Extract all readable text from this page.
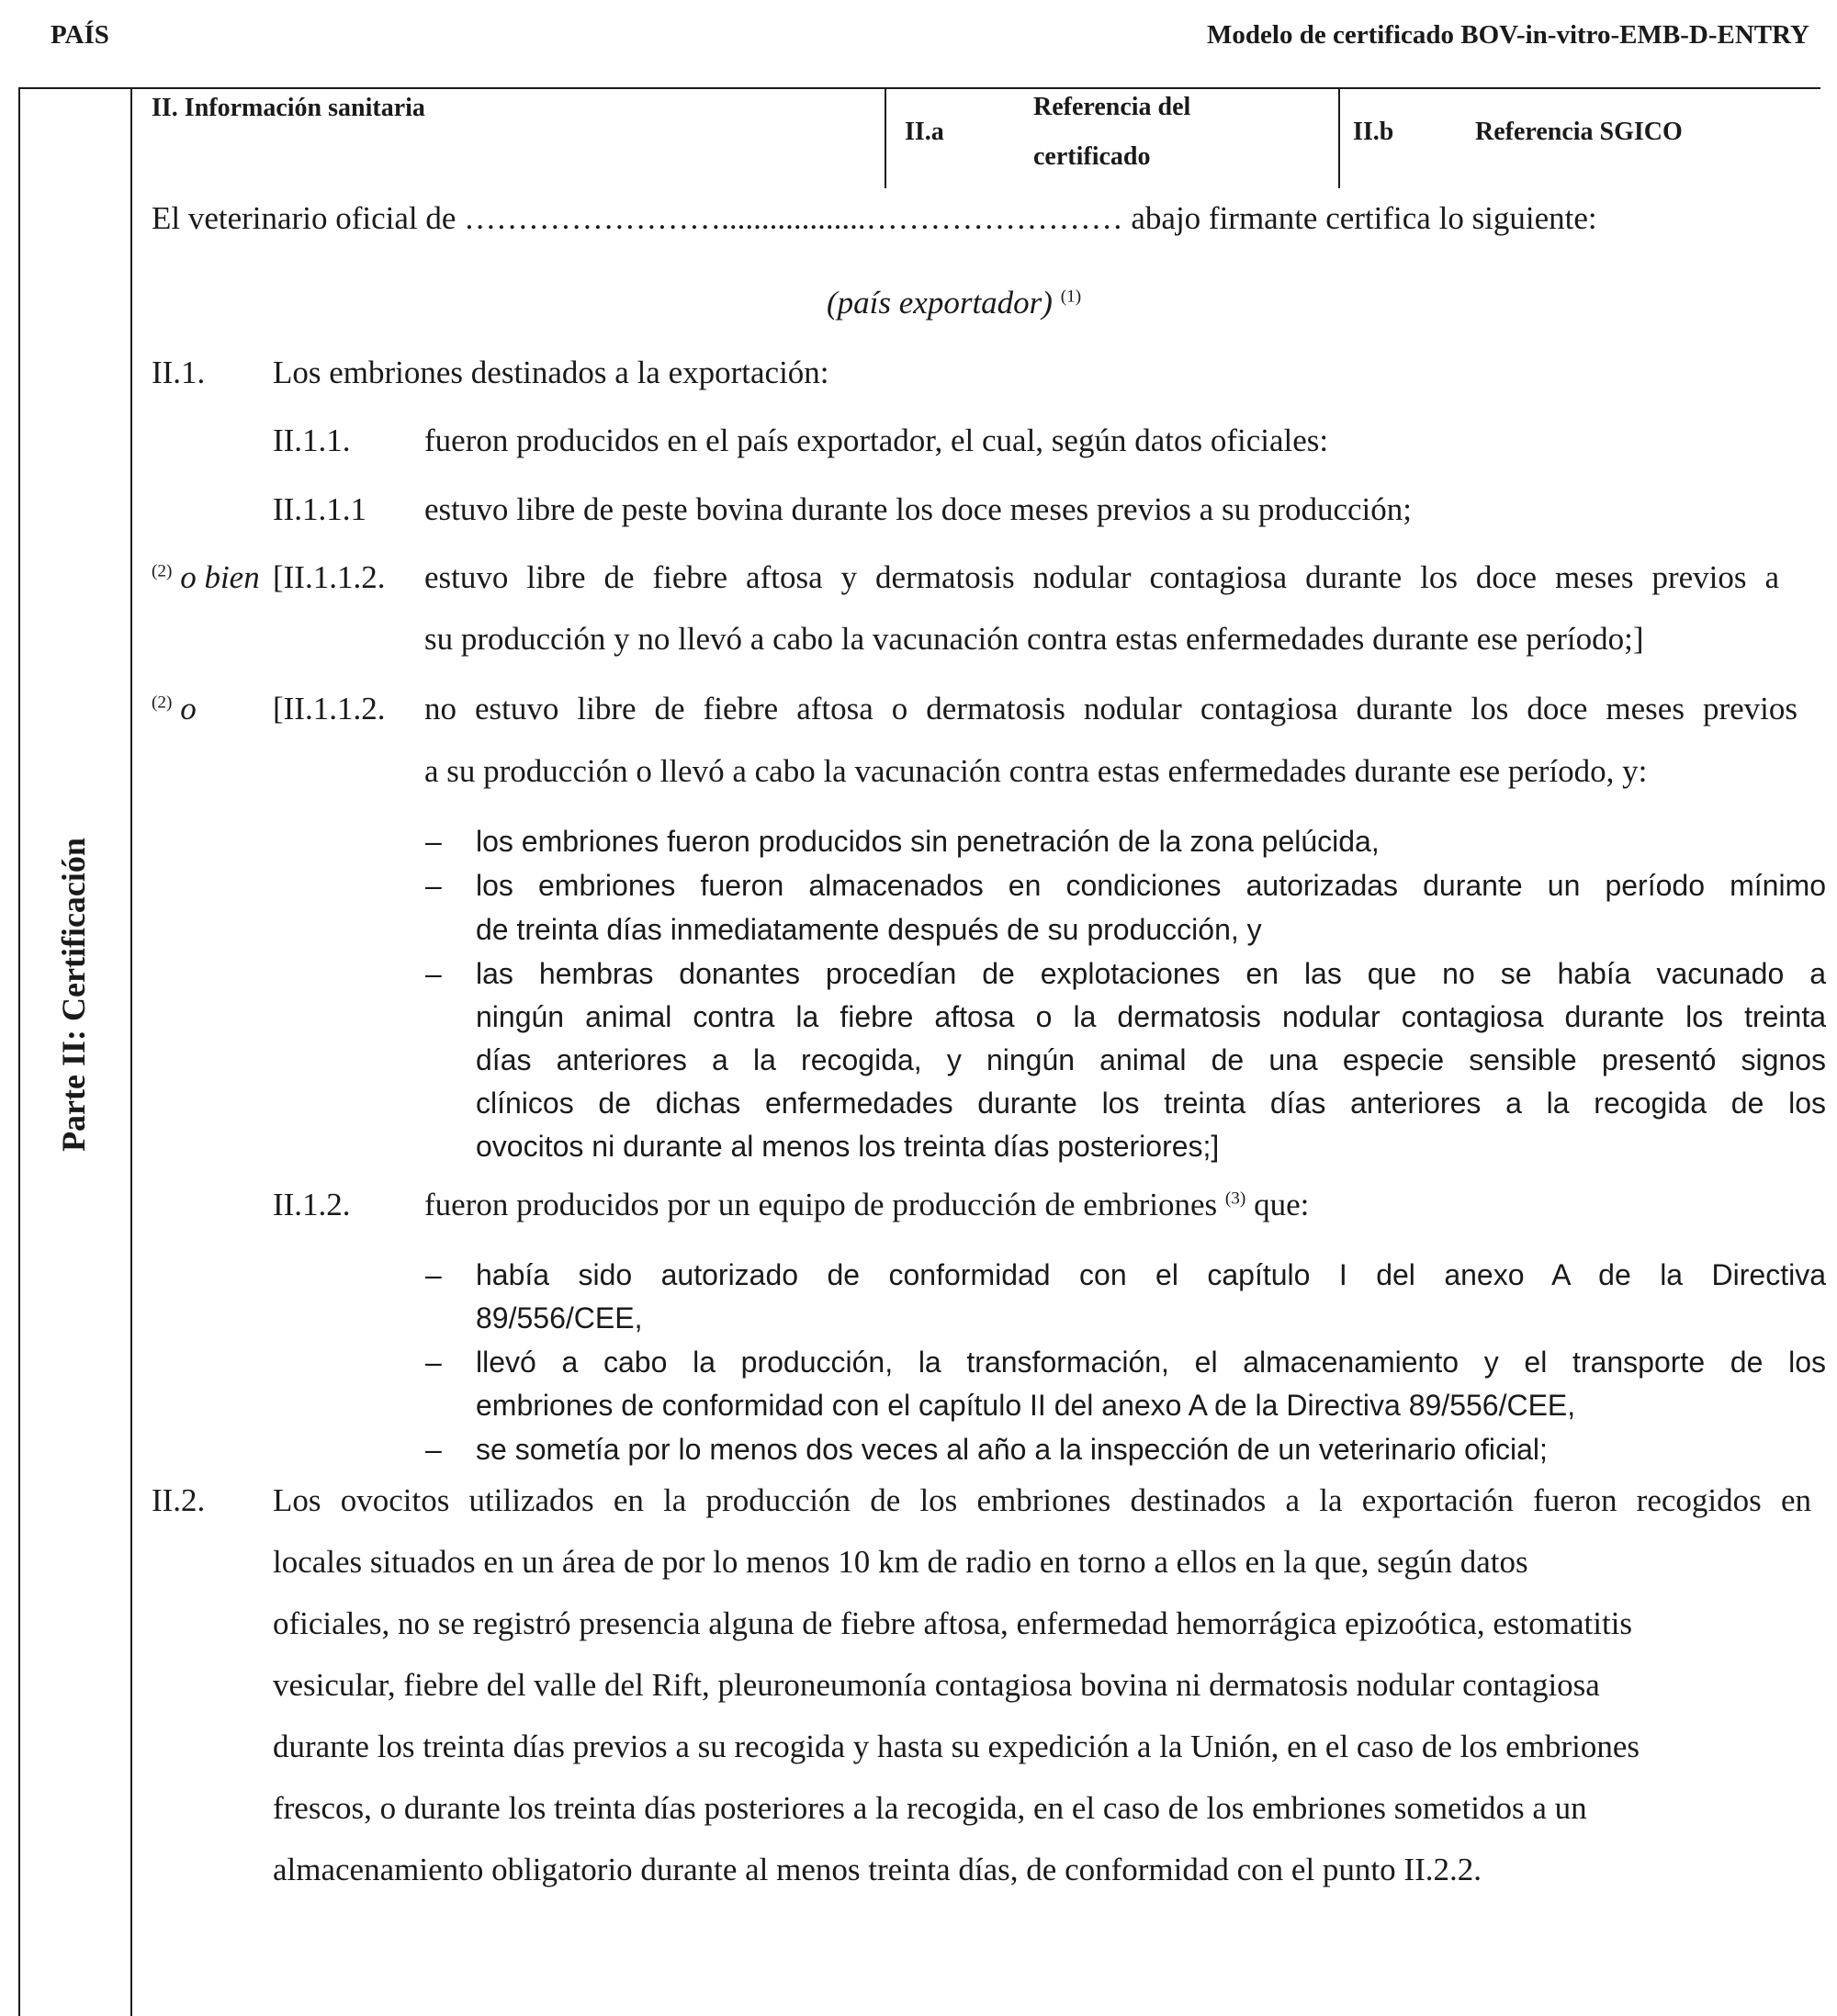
PAÍS	Modelo de certificado BOV-in-vitro-EMB-D-ENTRY
Parte II: Certificación
II. Información sanitaria
II.a
Referencia del
certificado
II.b	Referencia SGICO
El veterinario oficial de ……………………..................…………………… abajo firmante certifica lo siguiente:
(país exportador) $^{(1)}$
II.1. Los embriones destinados a la exportación:
II.1.1. fueron producidos en el país exportador, el cual, según datos oficiales:
II.1.1.1 estuvo libre de peste bovina durante los doce meses previos a su producción;
$^{(2)}$ o bien [II.1.1.2. estuvo libre de fiebre aftosa y dermatosis nodular contagiosa durante los doce meses previos a
su producción y no llevó a cabo la vacunación contra estas enfermedades durante ese período;]
$^{(2)}$ o [II.1.1.2. no estuvo libre de fiebre aftosa o dermatosis nodular contagiosa durante los doce meses previos
a su producción o llevó a cabo la vacunación contra estas enfermedades durante ese período, y:
– los embriones fueron producidos sin penetración de la zona pelúcida,
– los embriones fueron almacenados en condiciones autorizadas durante un período mínimo
de treinta días inmediatamente después de su producción, y
– las hembras donantes procedían de explotaciones en las que no se había vacunado a
ningún animal contra la fiebre aftosa o la dermatosis nodular contagiosa durante los treinta
días anteriores a la recogida, y ningún animal de una especie sensible presentó signos
clínicos de dichas enfermedades durante los treinta días anteriores a la recogida de los
ovocitos ni durante al menos los treinta días posteriores;]
II.1.2. fueron producidos por un equipo de producción de embriones $^{(3)}$ que:
– había sido autorizado de conformidad con el capítulo I del anexo A de la Directiva
89/556/CEE,
– llevó a cabo la producción, la transformación, el almacenamiento y el transporte de los
embriones de conformidad con el capítulo II del anexo A de la Directiva 89/556/CEE,
– se sometía por lo menos dos veces al año a la inspección de un veterinario oficial;
II.2. Los ovocitos utilizados en la producción de los embriones destinados a la exportación fueron recogidos en
locales situados en un área de por lo menos 10 km de radio en torno a ellos en la que, según datos
oficiales, no se registró presencia alguna de fiebre aftosa, enfermedad hemorrágica epizoótica, estomatitis
vesicular, fiebre del valle del Rift, pleuroneumonía contagiosa bovina ni dermatosis nodular contagiosa
durante los treinta días previos a su recogida y hasta su expedición a la Unión, en el caso de los embriones
frescos, o durante los treinta días posteriores a la recogida, en el caso de los embriones sometidos a un
almacenamiento obligatorio durante al menos treinta días, de conformidad con el punto II.2.2.
